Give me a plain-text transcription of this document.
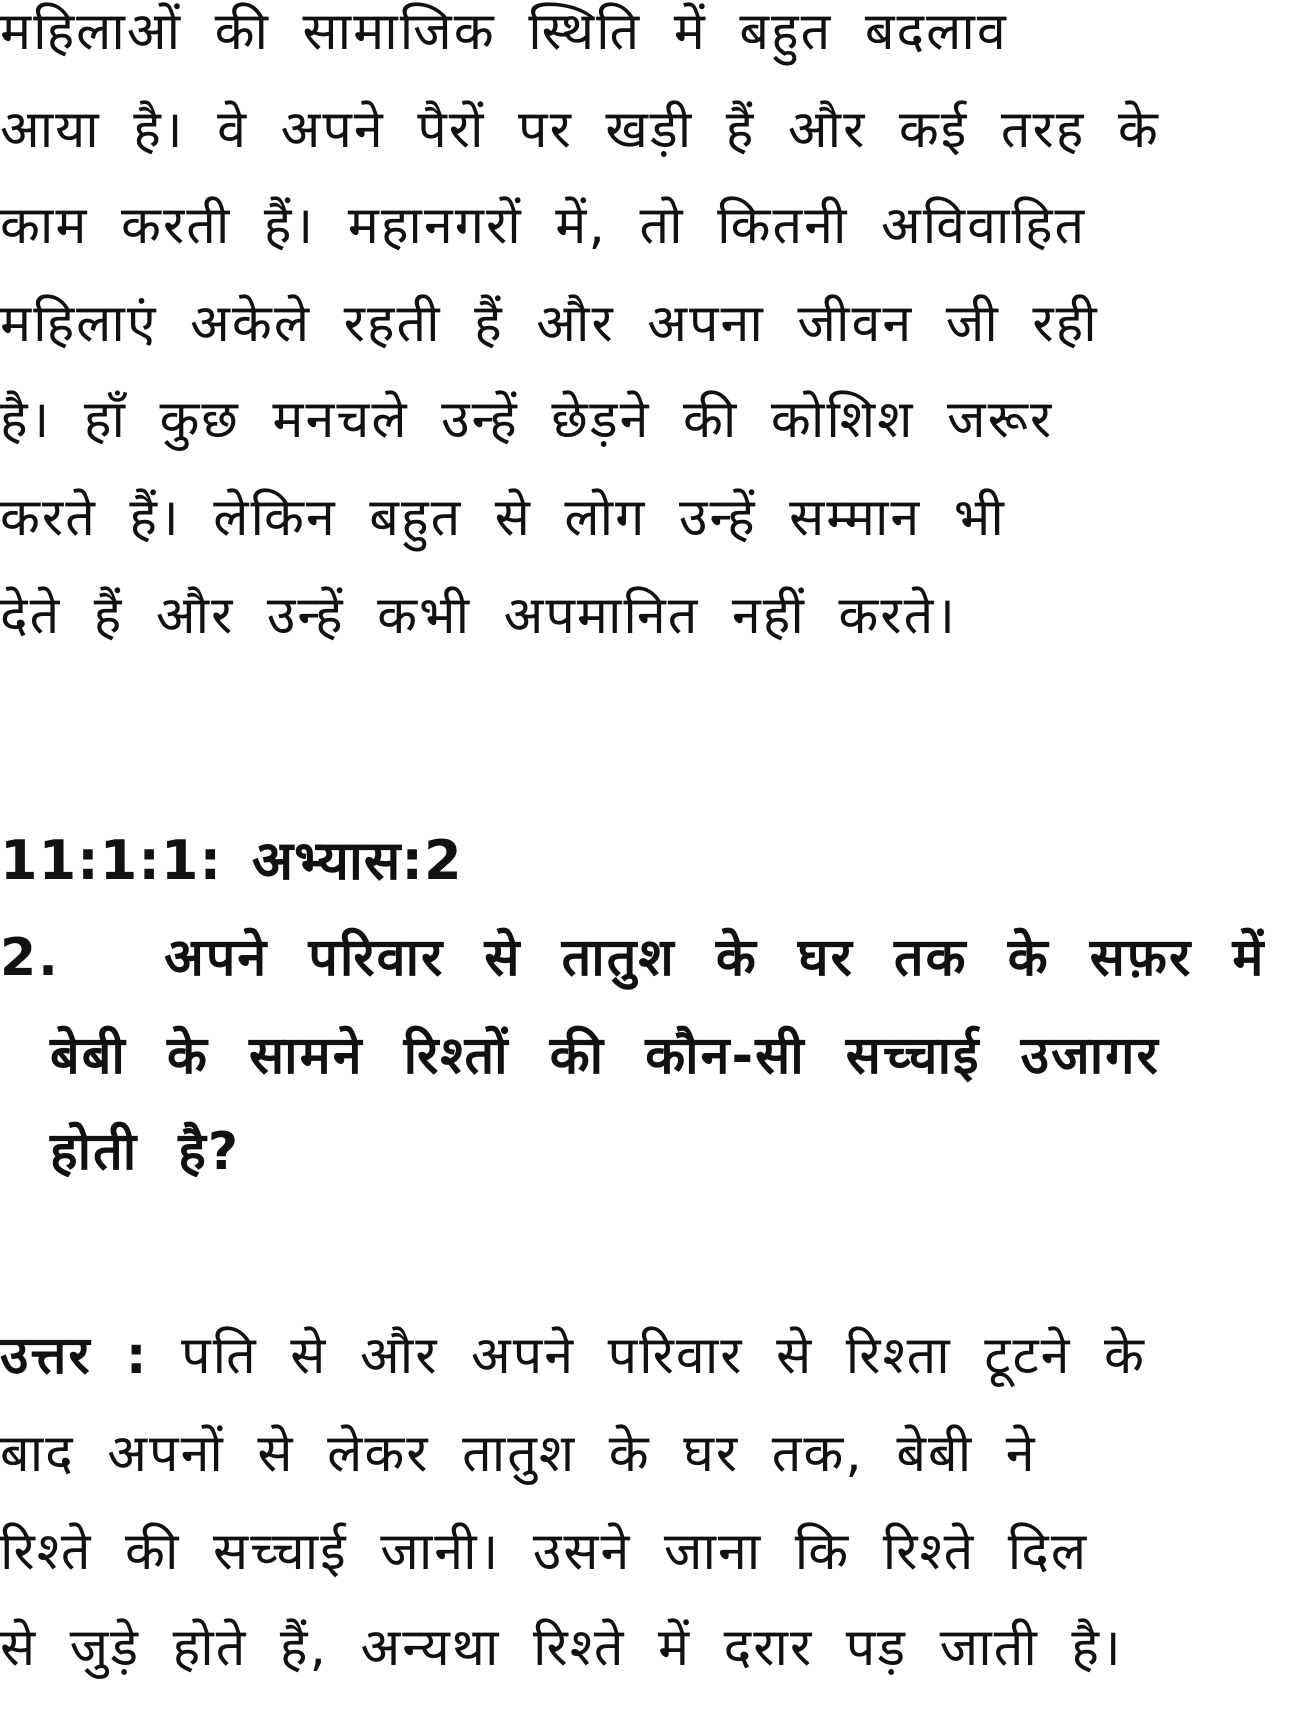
महिलाओं की सामाजिक स्थिति में बहुत बदलाव
आया है। वे अपने पैरों पर खड़ी हैं और कई तरह के
काम करती हैं। महानगरों में, तो कितनी अविवाहित
महिलाएं अकेले रहती हैं और अपना जीवन जी रही
है। हाँ कुछ मनचले उन्हें छेड़ने की कोशिश जरूर
करते हैं। लेकिन बहुत से लोग उन्हें सम्मान भी
देते हैं और उन्हें कभी अपमानित नहीं करते।
11:1:1: अभ्यास:2
2. अपने परिवार से तातुश के घर तक के सफ़र में
बेबी के सामने रिश्तों की कौन-सी सच्चाई उजागर
होती है?
उत्तर : पति से और अपने परिवार से रिश्ता टूटने के
बाद अपनों से लेकर तातुश के घर तक, बेबी ने
रिश्ते की सच्चाई जानी। उसने जाना कि रिश्ते दिल
से जुड़े होते हैं, अन्यथा रिश्ते में दरार पड़ जाती है।
